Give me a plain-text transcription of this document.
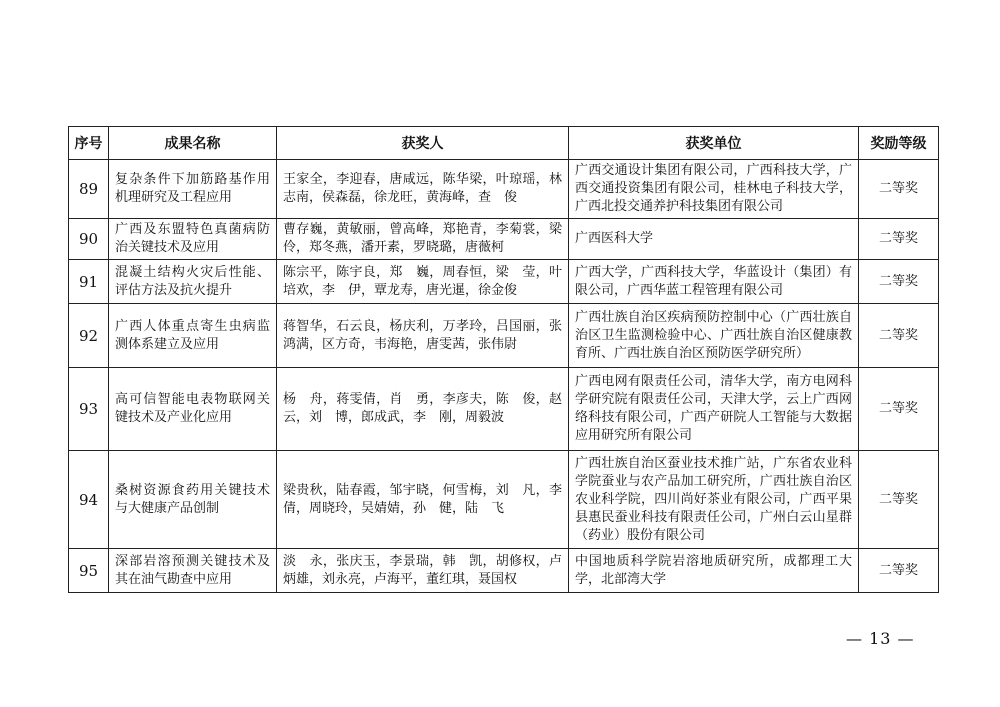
序号	成果名称	获奖人	获奖单位	奖励等级
89	复杂条件下加筋路基作用机理研究及工程应用	王家全，李迎春，唐咸远，陈华梁，叶琼瑶，林志南，侯森磊，徐龙旺，黄海峰，查　俊	广西交通设计集团有限公司，广西科技大学，广西交通投资集团有限公司，桂林电子科技大学，广西北投交通养护科技集团有限公司	二等奖
90	广西及东盟特色真菌病防治关键技术及应用	曹存巍，黄敏丽，曾高峰，郑艳青，李菊裳，梁　伶，郑冬燕，潘开素，罗晓璐，唐薇柯	广西医科大学	二等奖
91	混凝土结构火灾后性能、评估方法及抗火提升	陈宗平，陈宇良，郑　巍，周春恒，梁　莹，叶培欢，李　伊，覃龙寿，唐光暹，徐金俊	广西大学，广西科技大学，华蓝设计（集团）有限公司，广西华蓝工程管理有限公司	二等奖
92	广西人体重点寄生虫病监测体系建立及应用	蒋智华，石云良，杨庆利，万孝玲，吕国丽，张鸿满，区方奇，韦海艳，唐雯茜，张伟尉	广西壮族自治区疾病预防控制中心（广西壮族自治区卫生监测检验中心、广西壮族自治区健康教育所、广西壮族自治区预防医学研究所）	二等奖
93	高可信智能电表物联网关键技术及产业化应用	杨　舟，蒋雯倩，肖　勇，李彦夫，陈　俊，赵　云，刘　博，郎成武，李　刚，周毅波	广西电网有限责任公司，清华大学，南方电网科学研究院有限责任公司，天津大学，云上广西网络科技有限公司，广西产研院人工智能与大数据应用研究所有限公司	二等奖
94	桑树资源食药用关键技术与大健康产品创制	梁贵秋，陆春霞，邹宇晓，何雪梅，刘　凡，李　倩，周晓玲，吴婧婧，孙　健，陆　飞	广西壮族自治区蚕业技术推广站，广东省农业科学院蚕业与农产品加工研究所，广西壮族自治区农业科学院，四川尚好茶业有限公司，广西平果县惠民蚕业科技有限责任公司，广州白云山星群（药业）股份有限公司	二等奖
95	深部岩溶预测关键技术及其在油气勘查中应用	淡　永，张庆玉，李景瑞，韩　凯，胡修权，卢炳雄，刘永亮，卢海平，董红琪，聂国权	中国地质科学院岩溶地质研究所，成都理工大学，北部湾大学	二等奖
— 13 —
